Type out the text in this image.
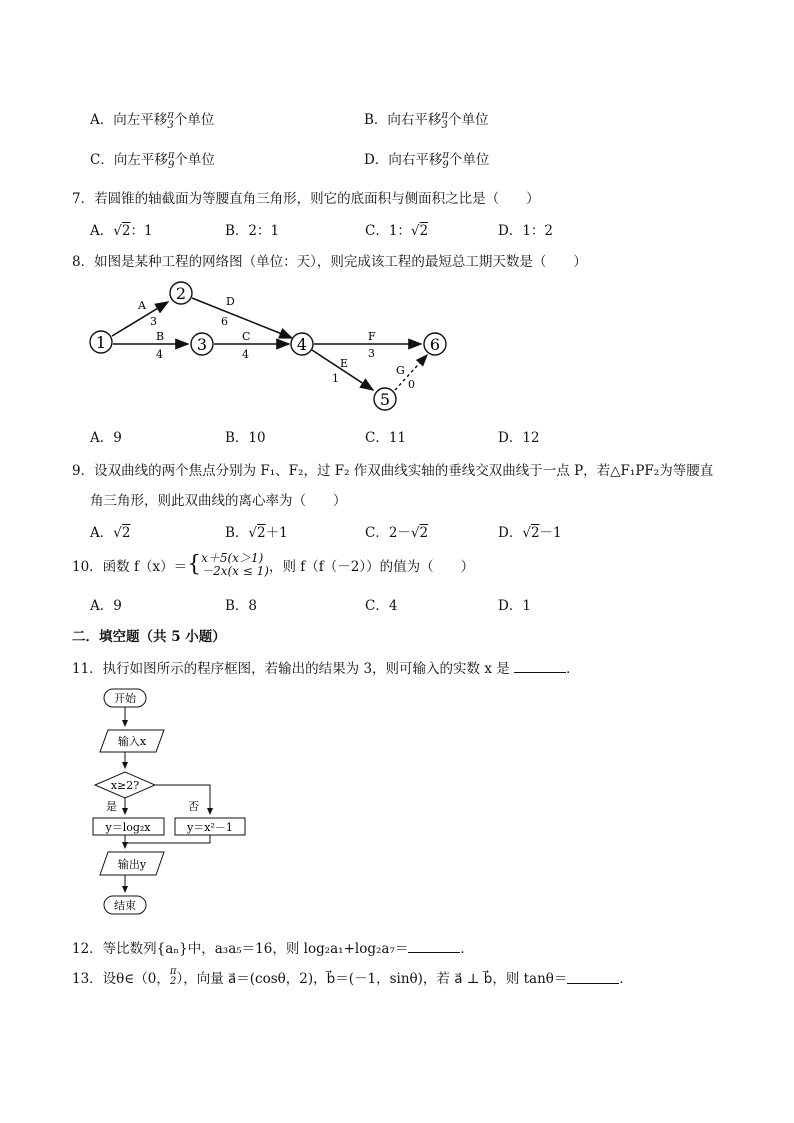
A．向左平移 π
3 个单位	B．向右平移 π
3 个单位
C．向左平移 π
9 个单位	D．向右平移 π
9 个单位
7．若圆锥的轴截面为等腰直角三角形，则它的底面积与侧面积之比是（　　）
A．√2：1	B．2：1	C．1：√2	D．1：2
8．如图是某种工程的网络图（单位：天），则完成该工程的最短总工期天数是（　　）
1
2
3	4
5
6
A
3
B
4
D
6
C
4
F
3
E
1
G
0
A．9	B．10	C．11	D．12
9．设双曲线的两个焦点分别为 F₁、F₂，过 F₂ 作双曲线实轴的垂线交双曲线于一点 P，若△F₁PF₂为等腰直
角三角形，则此双曲线的离心率为（　　）
A．√2	B．√2＋1	C．2－√2	D．√2－1
10．函数 f（x）＝ { x＋5(x＞1)
－2x(x ≤ 1) ，则 f（f（－2））的值为（　　）
A．9	B．8	C．4	D．1
二．填空题（共 5 小题）
11．执行如图所示的程序框图，若输出的结果为 3，则可输入的实数 x 是	．
开始
输入x
x≥2?
是	否
y＝log₂x	y＝x²－1
输出y
结束
12．等比数列{aₙ}中，a₃a₅＝16，则 log₂a₁+log₂a₇＝	．
13．设θ∈（0， π
2 ），向量 a⃗＝(cosθ，2)，b⃗＝(－1，sinθ)，若 a⃗ ⊥ b⃗，则 tanθ＝	．
